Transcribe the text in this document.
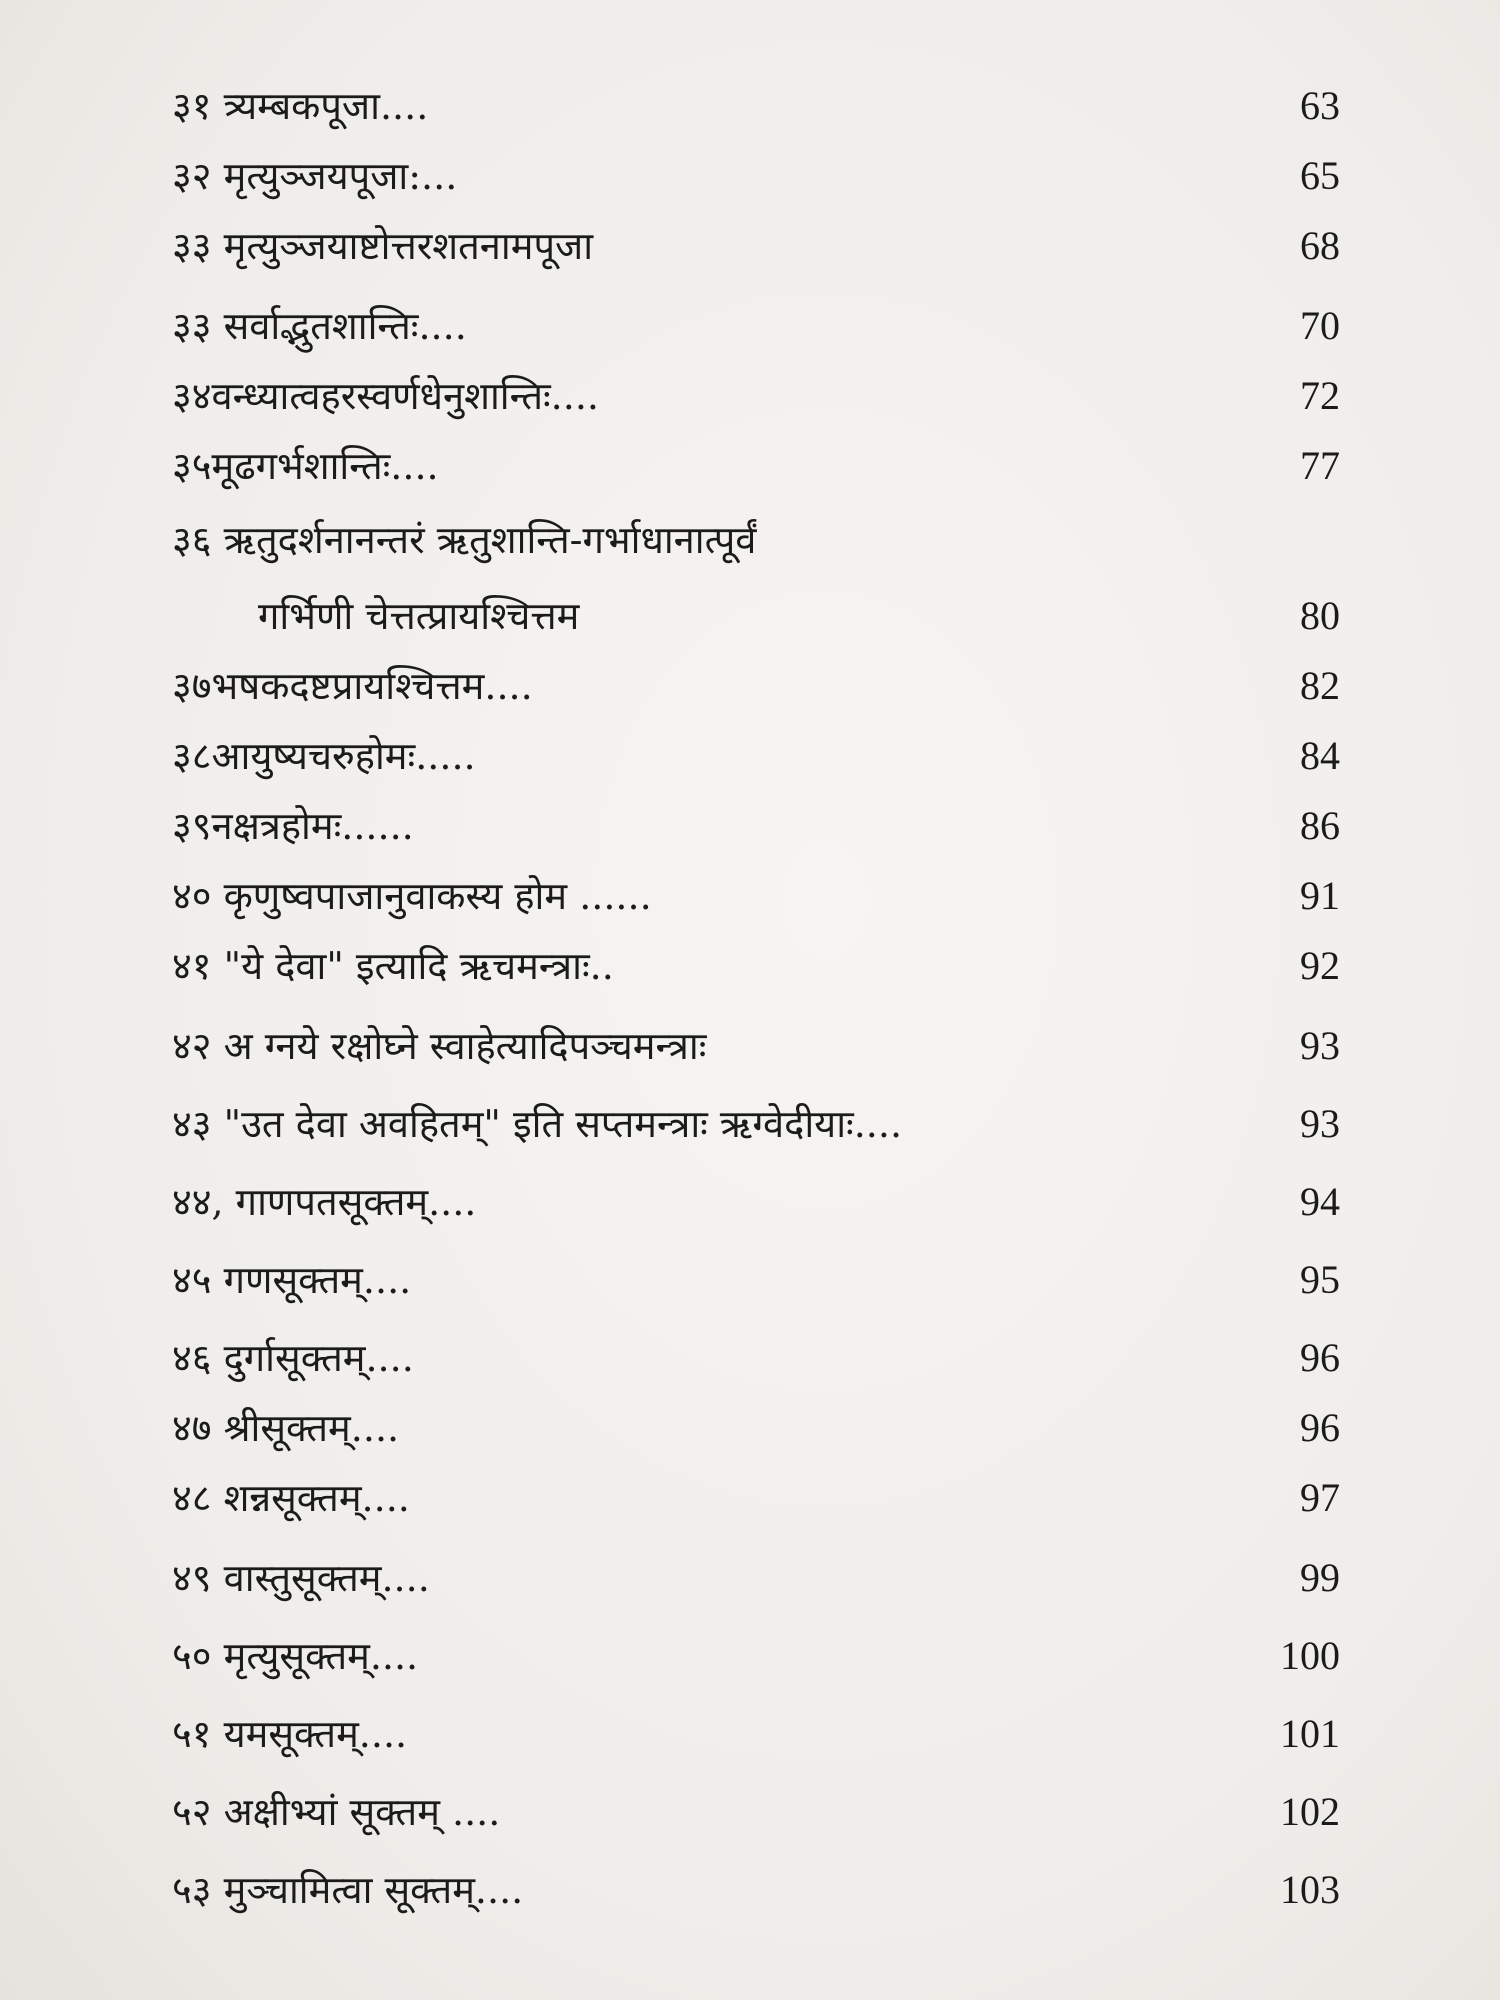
३१ त्र्यम्बकपूजा....	63
३२ मृत्युञ्जयपूजा:...	65
३३ मृत्युञ्जयाष्टोत्तरशतनामपूजा	68
३३ सर्वाद्भुतशान्तिः....	70
३४वन्ध्यात्वहरस्वर्णधेनुशान्तिः....	72
३५मूढगर्भशान्तिः....	77
३६ ऋतुदर्शनानन्तरं ऋतुशान्ति-गर्भाधानात्पूर्वं
गर्भिणी चेत्तत्प्रायश्चित्तम	80
३७भषकदष्टप्रायश्चित्तम....	82
३८आयुष्यचरुहोमः.....	84
३९नक्षत्रहोमः......	86
४० कृणुष्वपाजानुवाकस्य होम ......	91
४१ "ये देवा" इत्यादि ऋचमन्त्राः..	92
४२ अ ग्नये रक्षोघ्ने स्वाहेत्यादिपञ्चमन्त्राः	93
४३ "उत देवा अवहितम्" इति सप्तमन्त्राः ऋग्वेदीयाः....	93
४४, गाणपतसूक्तम्....	94
४५ गणसूक्तम्....	95
४६ दुर्गासूक्तम्....	96
४७ श्रीसूक्तम्....	96
४८ शन्नसूक्तम्....	97
४९ वास्तुसूक्तम्....	99
५० मृत्युसूक्तम्....	100
५१ यमसूक्तम्....	101
५२ अक्षीभ्यां सूक्तम् ....	102
५३ मुञ्चामित्वा सूक्तम्....	103
